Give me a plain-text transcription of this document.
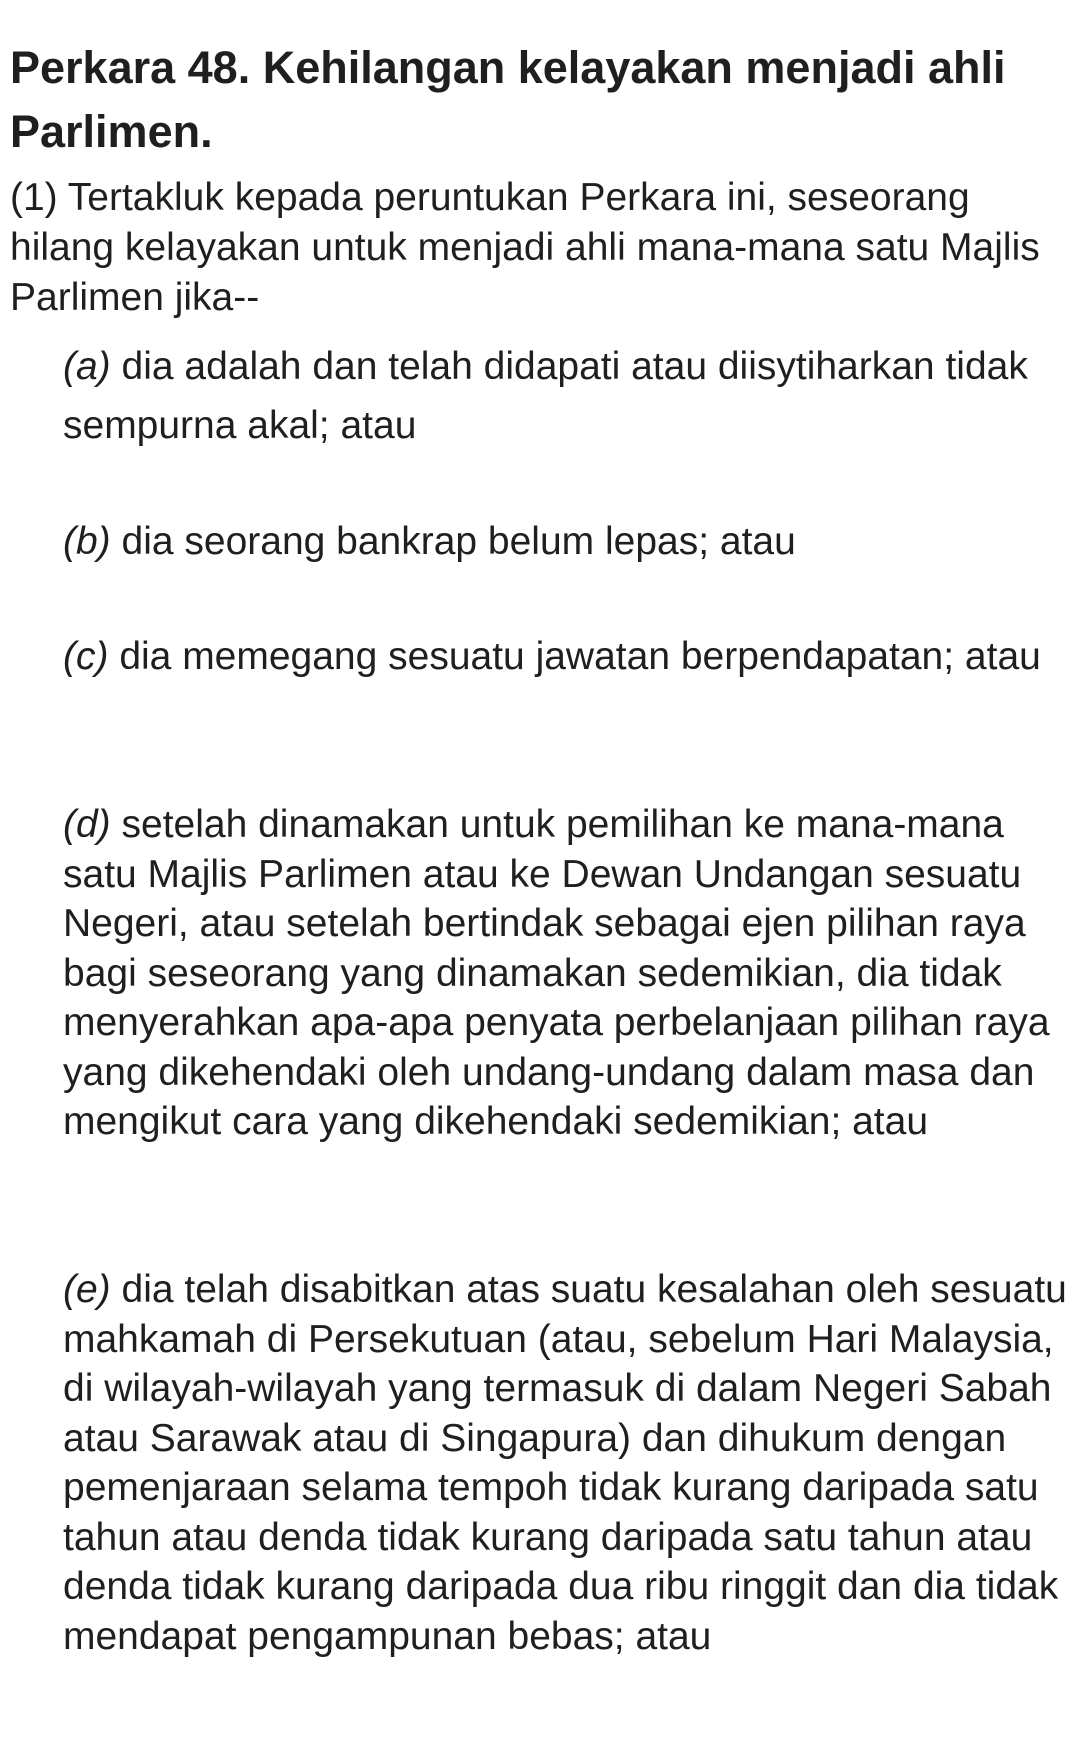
Perkara 48. Kehilangan kelayakan menjadi ahli Parlimen.

(1) Tertakluk kepada peruntukan Perkara ini, seseorang hilang kelayakan untuk menjadi ahli mana-mana satu Majlis Parlimen jika--

(a) dia adalah dan telah didapati atau diisytiharkan tidak sempurna akal; atau

(b) dia seorang bankrap belum lepas; atau

(c) dia memegang sesuatu jawatan berpendapatan; atau

(d) setelah dinamakan untuk pemilihan ke mana-mana satu Majlis Parlimen atau ke Dewan Undangan sesuatu Negeri, atau setelah bertindak sebagai ejen pilihan raya bagi seseorang yang dinamakan sedemikian, dia tidak menyerahkan apa-apa penyata perbelanjaan pilihan raya yang dikehendaki oleh undang-undang dalam masa dan mengikut cara yang dikehendaki sedemikian; atau

(e) dia telah disabitkan atas suatu kesalahan oleh sesuatu mahkamah di Persekutuan (atau, sebelum Hari Malaysia, di wilayah-wilayah yang termasuk di dalam Negeri Sabah atau Sarawak atau di Singapura) dan dihukum dengan pemenjaraan selama tempoh tidak kurang daripada satu tahun atau denda tidak kurang daripada satu tahun atau denda tidak kurang daripada dua ribu ringgit dan dia tidak mendapat pengampunan bebas; atau
